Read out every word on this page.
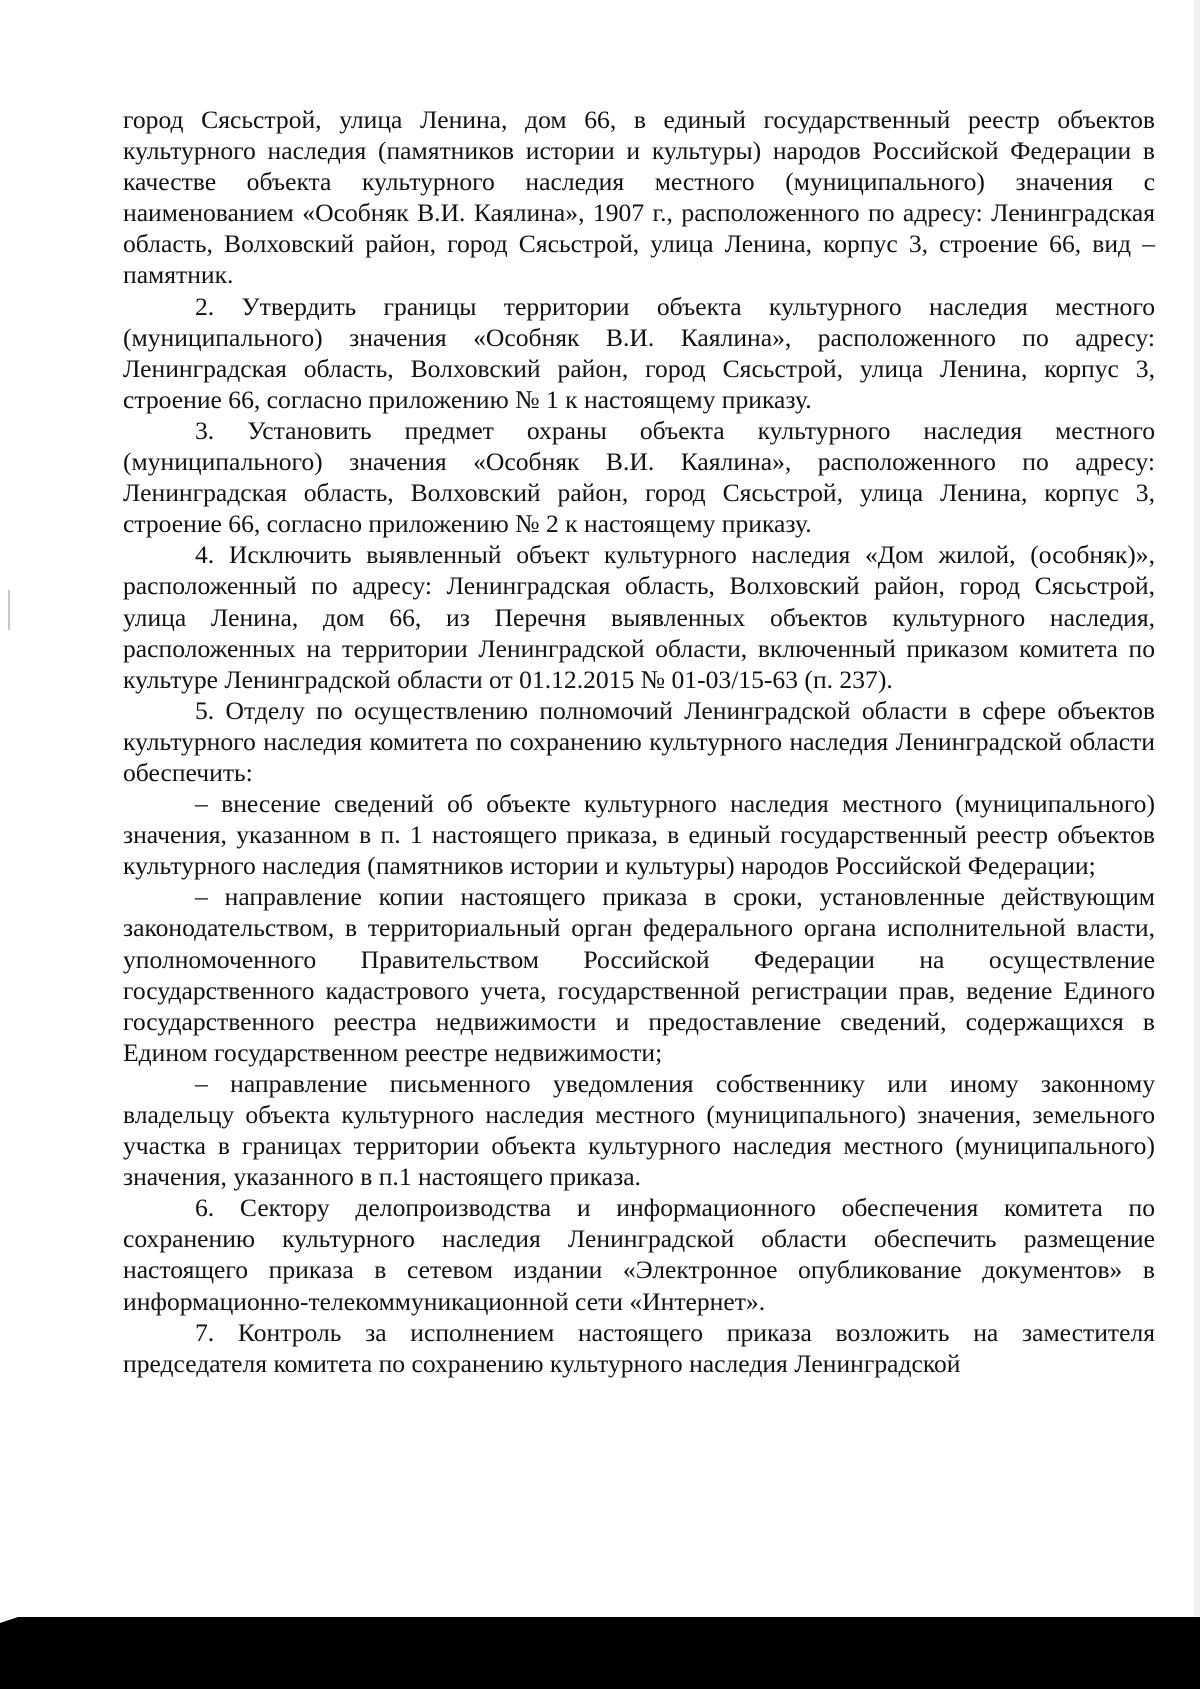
город Сясьстрой, улица Ленина, дом 66, в единый государственный реестр объектов культурного наследия (памятников истории и культуры) народов Российской Федерации в качестве объекта культурного наследия местного (муниципального) значения с наименованием «Особняк В.И. Каялина», 1907 г., расположенного по адресу: Ленинградская область, Волховский район, город Сясьстрой, улица Ленина, корпус 3, строение 66, вид – памятник.

2. Утвердить границы территории объекта культурного наследия местного (муниципального) значения «Особняк В.И. Каялина», расположенного по адресу: Ленинградская область, Волховский район, город Сясьстрой, улица Ленина, корпус 3, строение 66, согласно приложению № 1 к настоящему приказу.

3. Установить предмет охраны объекта культурного наследия местного (муниципального) значения «Особняк В.И. Каялина», расположенного по адресу: Ленинградская область, Волховский район, город Сясьстрой, улица Ленина, корпус 3, строение 66, согласно приложению № 2 к настоящему приказу.

4. Исключить выявленный объект культурного наследия «Дом жилой, (особняк)», расположенный по адресу: Ленинградская область, Волховский район, город Сясьстрой, улица Ленина, дом 66, из Перечня выявленных объектов культурного наследия, расположенных на территории Ленинградской области, включенный приказом комитета по культуре Ленинградской области от 01.12.2015 № 01-03/15-63 (п. 237).

5. Отделу по осуществлению полномочий Ленинградской области в сфере объектов культурного наследия комитета по сохранению культурного наследия Ленинградской области обеспечить:

– внесение сведений об объекте культурного наследия местного (муниципального) значения, указанном в п. 1 настоящего приказа, в единый государственный реестр объектов культурного наследия (памятников истории и культуры) народов Российской Федерации;

– направление копии настоящего приказа в сроки, установленные действующим законодательством, в территориальный орган федерального органа исполнительной власти, уполномоченного Правительством Российской Федерации на осуществление государственного кадастрового учета, государственной регистрации прав, ведение Единого государственного реестра недвижимости и предоставление сведений, содержащихся в Едином государственном реестре недвижимости;

– направление письменного уведомления собственнику или иному законному владельцу объекта культурного наследия местного (муниципального) значения, земельного участка в границах территории объекта культурного наследия местного (муниципального) значения, указанного в п.1 настоящего приказа.

6. Сектору делопроизводства и информационного обеспечения комитета по сохранению культурного наследия Ленинградской области обеспечить размещение настоящего приказа в сетевом издании «Электронное опубликование документов» в информационно-телекоммуникационной сети «Интернет».

7. Контроль за исполнением настоящего приказа возложить на заместителя председателя комитета по сохранению культурного наследия Ленинградской
